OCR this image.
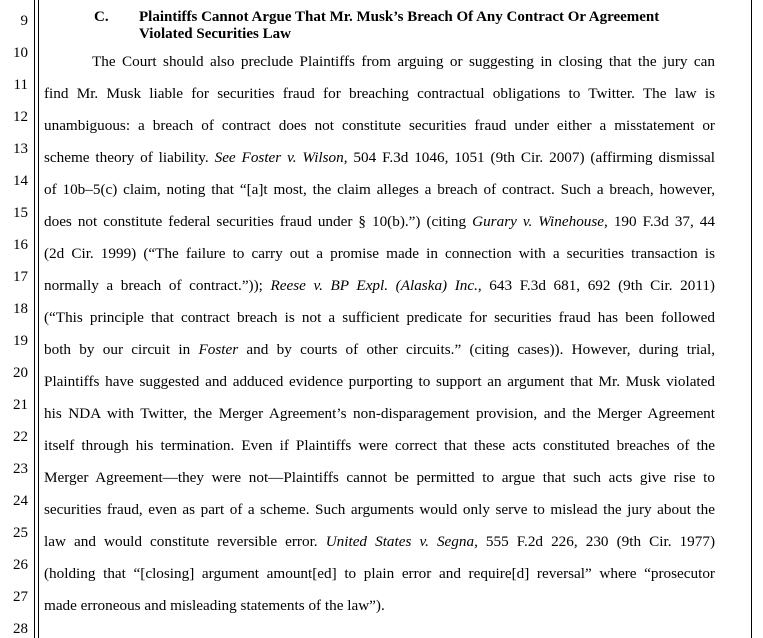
9
10
11
12
13
14
15
16
17
18
19
20
21
22
23
24
25
26
27
28
C. Plaintiffs Cannot Argue That Mr. Musk’s Breach Of Any Contract Or Agreement
Violated Securities Law
The Court should also preclude Plaintiffs from arguing or suggesting in closing that the jury can
find Mr. Musk liable for securities fraud for breaching contractual obligations to Twitter. The law is
unambiguous: a breach of contract does not constitute securities fraud under either a misstatement or
scheme theory of liability. See Foster v. Wilson, 504 F.3d 1046, 1051 (9th Cir. 2007) (affirming dismissal
of 10b–5(c) claim, noting that “[a]t most, the claim alleges a breach of contract. Such a breach, however,
does not constitute federal securities fraud under § 10(b).”) (citing Gurary v. Winehouse, 190 F.3d 37, 44
(2d Cir. 1999) (“The failure to carry out a promise made in connection with a securities transaction is
normally a breach of contract.”)); Reese v. BP Expl. (Alaska) Inc., 643 F.3d 681, 692 (9th Cir. 2011)
(“This principle that contract breach is not a sufficient predicate for securities fraud has been followed
both by our circuit in Foster and by courts of other circuits.” (citing cases)). However, during trial,
Plaintiffs have suggested and adduced evidence purporting to support an argument that Mr. Musk violated
his NDA with Twitter, the Merger Agreement’s non-disparagement provision, and the Merger Agreement
itself through his termination. Even if Plaintiffs were correct that these acts constituted breaches of the
Merger Agreement—they were not—Plaintiffs cannot be permitted to argue that such acts give rise to
securities fraud, even as part of a scheme. Such arguments would only serve to mislead the jury about the
law and would constitute reversible error. United States v. Segna, 555 F.2d 226, 230 (9th Cir. 1977)
(holding that “[closing] argument amount[ed] to plain error and require[d] reversal” where “prosecutor
made erroneous and misleading statements of the law”).
